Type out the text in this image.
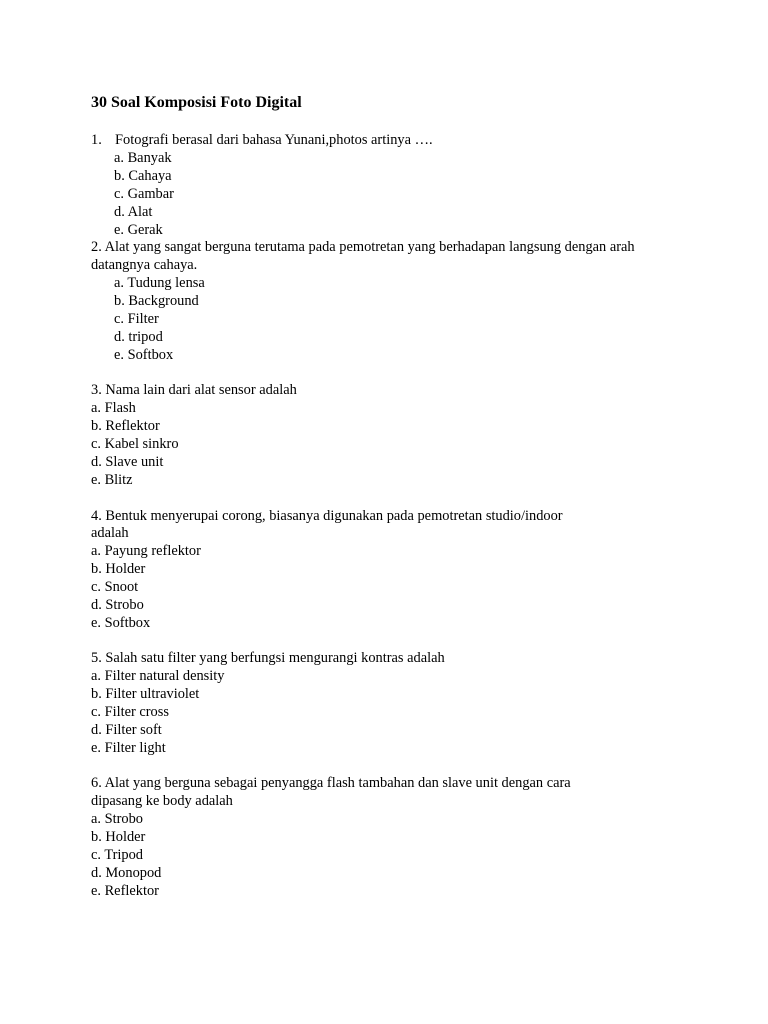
30 Soal Komposisi Foto Digital
1. Fotografi berasal dari bahasa Yunani,photos artinya ….
a. Banyak
b. Cahaya
c. Gambar
d. Alat
e. Gerak
2. Alat yang sangat berguna terutama pada pemotretan yang berhadapan langsung dengan arah
datangnya cahaya.
a. Tudung lensa
b. Background
c. Filter
d. tripod
e. Softbox
3. Nama lain dari alat sensor adalah
a. Flash
b. Reflektor
c. Kabel sinkro
d. Slave unit
e. Blitz
4. Bentuk menyerupai corong, biasanya digunakan pada pemotretan studio/indoor
adalah
a. Payung reflektor
b. Holder
c. Snoot
d. Strobo
e. Softbox
5. Salah satu filter yang berfungsi mengurangi kontras adalah
a. Filter natural density
b. Filter ultraviolet
c. Filter cross
d. Filter soft
e. Filter light
6. Alat yang berguna sebagai penyangga flash tambahan dan slave unit dengan cara
dipasang ke body adalah
a. Strobo
b. Holder
c. Tripod
d. Monopod
e. Reflektor
